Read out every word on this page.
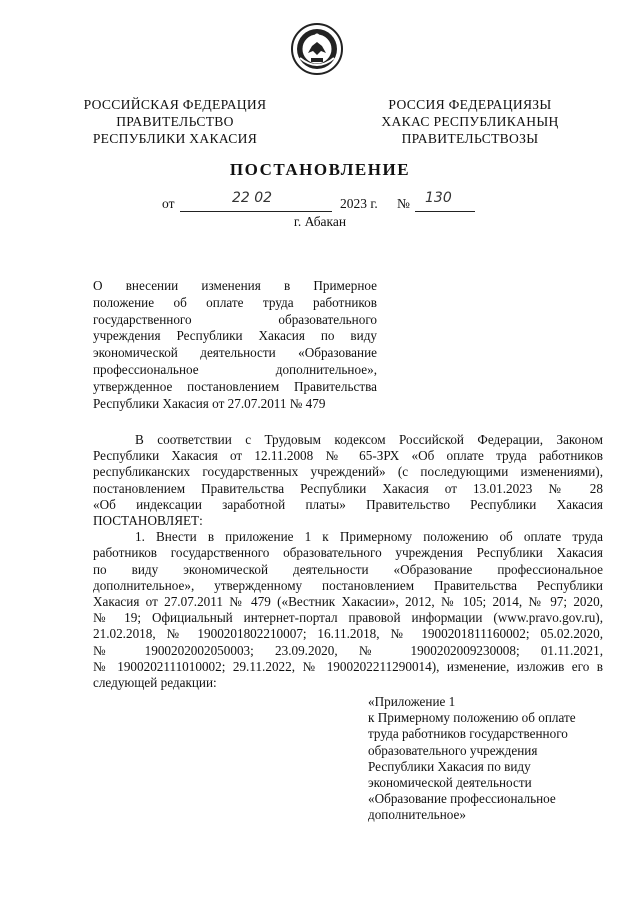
РОССИЙСКАЯ ФЕДЕРАЦИЯ
ПРАВИТЕЛЬСТВО
РЕСПУБЛИКИ ХАКАСИЯ
РОССИЯ ФЕДЕРАЦИЯЗЫ
ХАКАС РЕСПУБЛИКАНЫҢ
ПРАВИТЕЛЬСТВОЗЫ
ПОСТАНОВЛЕНИЕ
от	22 02	2023 г. № 130
г. Абакан
О внесении изменения в Примерное
положение об оплате труда работников
государственного образовательного
учреждения Республики Хакасия по виду
экономической деятельности «Образование
профессиональное дополнительное»,
утвержденное постановлением Правительства
Республики Хакасия от 27.07.2011 № 479
В соответствии с Трудовым кодексом Российской Федерации, Законом
Республики Хакасия от 12.11.2008 № 65-ЗРХ «Об оплате труда работников
республиканских государственных учреждений» (с последующими изменениями),
постановлением Правительства Республики Хакасия от 13.01.2023 № 28
«Об индексации заработной платы» Правительство Республики Хакасия
ПОСТАНОВЛЯЕТ:
1. Внести в приложение 1 к Примерному положению об оплате труда
работников государственного образовательного учреждения Республики Хакасия
по виду экономической деятельности «Образование профессиональное
дополнительное», утвержденному постановлением Правительства Республики
Хакасия от 27.07.2011 № 479 («Вестник Хакасии», 2012, № 105; 2014, № 97; 2020,
№ 19; Официальный интернет-портал правовой информации (www.pravo.gov.ru),
21.02.2018, № 1900201802210007; 16.11.2018, № 1900201811160002; 05.02.2020,
№ 1900202002050003; 23.09.2020, № 1900202009230008; 01.11.2021,
№ 1900202111010002; 29.11.2022, № 1900202211290014), изменение, изложив его в
следующей редакции:
«Приложение 1
к Примерному положению об оплате
труда работников государственного
образовательного учреждения
Республики Хакасия по виду
экономической деятельности
«Образование профессиональное
дополнительное»
